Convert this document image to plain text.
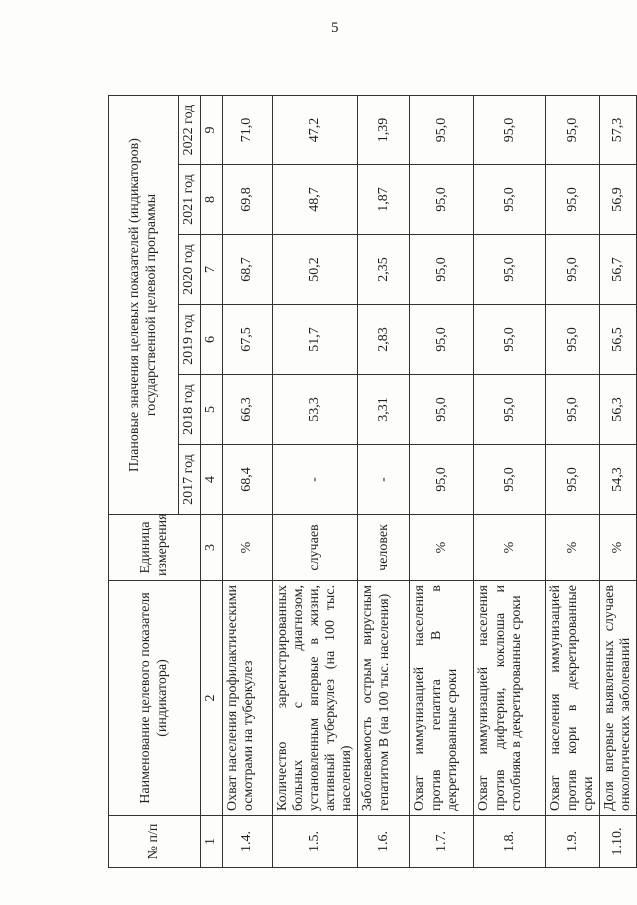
5
№ п/п	Наименование целевого показателя (индикатора)	Единица измерения	Плановые значения целевых показателей (индикаторов) государственной целевой программы					
			2017 год	2018 год	2019 год	2020 год	2021 год	2022 год
1	2	3	4	5	6	7	8	9
1.4.	Охват населения профилактическими осмотрами на туберкулез	%	68,4	66,3	67,5	68,7	69,8	71,0
1.5.	Количество зарегистрированных больных с диагнозом, установленным впервые в жизни, активный туберкулез (на 100 тыс. населения)	случаев	-	53,3	51,7	50,2	48,7	47,2
1.6.	Заболеваемость острым вирусным гепатитом В (на 100 тыс. населения)	человек	-	3,31	2,83	2,35	1,87	1,39
1.7.	Охват иммунизацией населения против гепатита В в декретированные сроки	%	95,0	95,0	95,0	95,0	95,0	95,0
1.8.	Охват иммунизацией населения против дифтерии, коклюша и столбняка в декретированные сроки	%	95,0	95,0	95,0	95,0	95,0	95,0
1.9.	Охват населения иммунизацией против кори в декретированные сроки	%	95,0	95,0	95,0	95,0	95,0	95,0
1.10.	Доля впервые выявленных случаев онкологических заболеваний	%	54,3	56,3	56,5	56,7	56,9	57,3
